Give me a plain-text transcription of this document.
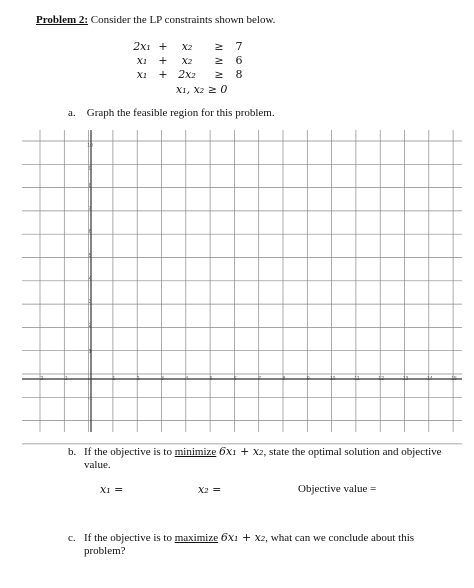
Problem 2: Consider the LP constraints shown below.
2x₁ +	x₂	≥	7
x₁	+	x₂	≥	6
x₁	+ 2x₂	≥	8
x₁, x₂ ≥ 0
a. Graph the feasible region for this problem.
-2	-1	1	2	3	4	5	6	7	8	9	10	11	12	13	14	15
10
9
8
7
6
5
4
3
2
1
-1
b. If the objective is to minimize 6x₁ + x₂, state the optimal solution and objective
value.
x₁ =	x₂ =	Objective value =
c. If the objective is to maximize 6x₁ + x₂, what can we conclude about this
problem?
